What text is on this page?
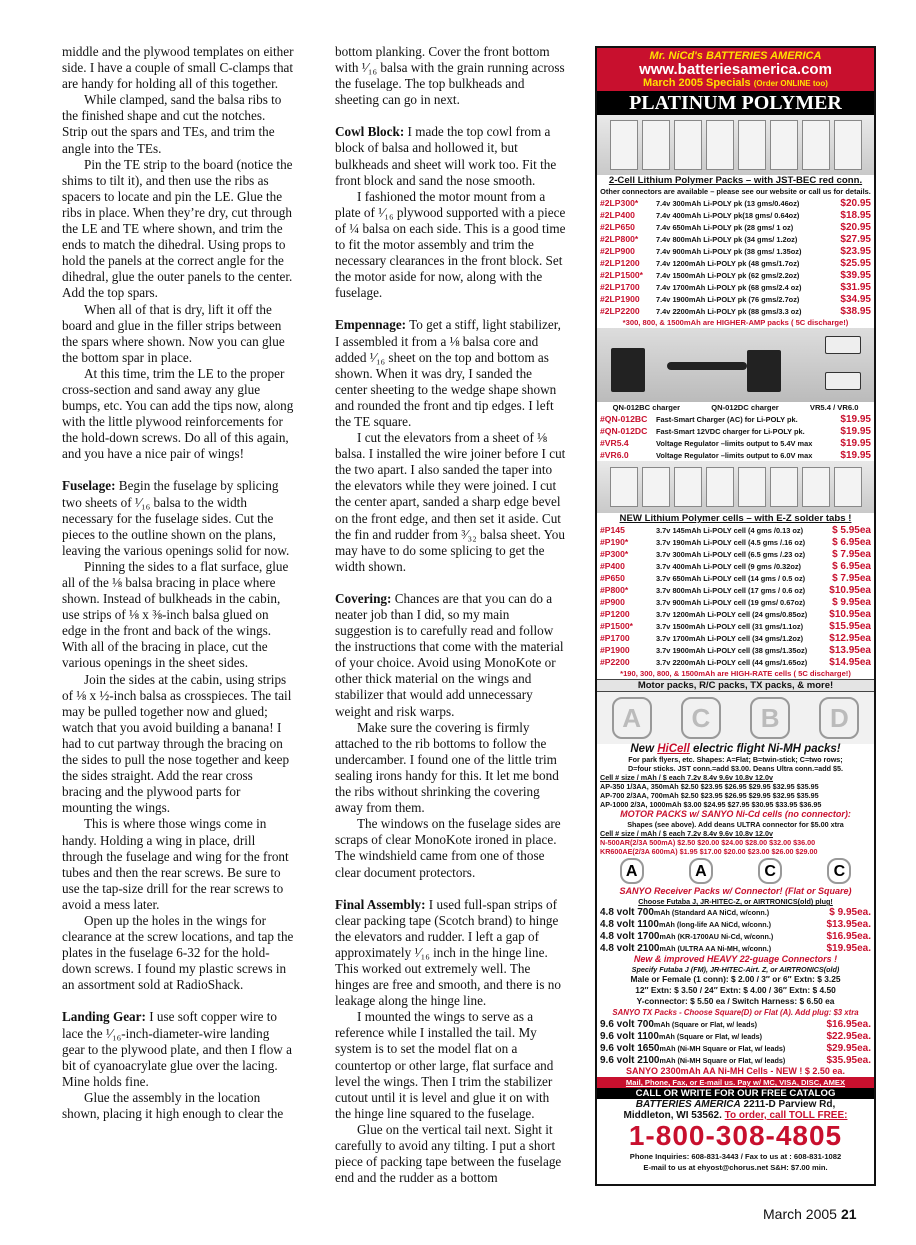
middle and the plywood templates on either side. I have a couple of small C-clamps that are handy for holding all of this together.

While clamped, sand the balsa ribs to the finished shape and cut the notches. Strip out the spars and TEs, and trim the angle into the TEs.

Pin the TE strip to the board (notice the shims to tilt it), and then use the ribs as spacers to locate and pin the LE. Glue the ribs in place. When they’re dry, cut through the LE and TE where shown, and trim the ends to match the dihedral. Using props to hold the panels at the correct angle for the dihedral, glue the outer panels to the center. Add the top spars.

When all of that is dry, lift it off the board and glue in the filler strips between the spars where shown. Now you can glue the bottom spar in place.

At this time, trim the LE to the proper cross-section and sand away any glue bumps, etc. You can add the tips now, along with the little plywood reinforcements for the hold-down screws. Do all of this again, and you have a nice pair of wings!

Fuselage: Begin the fuselage by splicing two sheets of ¹⁄₁₆ balsa to the width necessary for the fuselage sides. Cut the pieces to the outline shown on the plans, leaving the various openings solid for now.

Pinning the sides to a flat surface, glue all of the ⅛ balsa bracing in place where shown. Instead of bulkheads in the cabin, use strips of ⅛ x ⅜-inch balsa glued on edge in the front and back of the wings. With all of the bracing in place, cut the various openings in the sheet sides.

Join the sides at the cabin, using strips of ⅛ x ½-inch balsa as crosspieces. The tail may be pulled together now and glued; watch that you avoid building a banana! I had to cut partway through the bracing on the sides to pull the nose together and keep the sides straight. Add the rear cross bracing and the plywood parts for mounting the wings.

This is where those wings come in handy. Holding a wing in place, drill through the fuselage and wing for the front tubes and then the rear screws. Be sure to use the tap-size drill for the rear screws to avoid a mess later.

Open up the holes in the wings for clearance at the screw locations, and tap the plates in the fuselage 6-32 for the hold-down screws. I found my plastic screws in an assortment sold at RadioShack.

Landing Gear: I use soft copper wire to lace the ¹⁄₁₆-inch-diameter-wire landing gear to the plywood plate, and then I flow a bit of cyanoacrylate glue over the lacing. Mine holds fine.

Glue the assembly in the location shown, placing it high enough to clear the

bottom planking. Cover the front bottom with ¹⁄₁₆ balsa with the grain running across the fuselage. The top bulkheads and sheeting can go in next.

Cowl Block: I made the top cowl from a block of balsa and hollowed it, but bulkheads and sheet will work too. Fit the front block and sand the nose smooth.

I fashioned the motor mount from a plate of ¹⁄₁₆ plywood supported with a piece of ¼ balsa on each side. This is a good time to fit the motor assembly and trim the necessary clearances in the front block. Set the motor aside for now, along with the fuselage.

Empennage: To get a stiff, light stabilizer, I assembled it from a ⅛ balsa core and added ¹⁄₁₆ sheet on the top and bottom as shown. When it was dry, I sanded the center sheeting to the wedge shape shown and rounded the front and tip edges. I left the TE square.

I cut the elevators from a sheet of ⅛ balsa. I installed the wire joiner before I cut the two apart. I also sanded the taper into the elevators while they were joined. I cut the center apart, sanded a sharp edge bevel on the front edge, and then set it aside. Cut the fin and rudder from ³⁄₃₂ balsa sheet. You may have to do some splicing to get the width shown.

Covering: Chances are that you can do a neater job than I did, so my main suggestion is to carefully read and follow the instructions that come with the material of your choice. Avoid using MonoKote or other thick material on the wings and stabilizer that would add unnecessary weight and risk warps.

Make sure the covering is firmly attached to the rib bottoms to follow the undercamber. I found one of the little trim sealing irons handy for this. It let me bond the ribs without shrinking the covering away from them.

The windows on the fuselage sides are scraps of clear MonoKote ironed in place. The windshield came from one of those clear document protectors.

Final Assembly: I used full-span strips of clear packing tape (Scotch brand) to hinge the elevators and rudder. I left a gap of approximately ¹⁄₁₆ inch in the hinge line. This worked out extremely well. The hinges are free and smooth, and there is no leakage along the hinge line.

I mounted the wings to serve as a reference while I installed the tail. My system is to set the model flat on a countertop or other large, flat surface and level the wings. Then I trim the stabilizer cutout until it is level and glue it on with the hinge line squared to the fuselage.

Glue on the vertical tail next. Sight it carefully to avoid any tilting. I put a short piece of packing tape between the fuselage end and the rudder as a bottom

Mr. NiCd's BATTERIES AMERICA
www.batteriesamerica.com
March 2005 Specials (Order ONLINE too)
PLATINUM POLYMER
2-Cell Lithium Polymer Packs – with JST-BEC red conn.
Other connectors are available – please see our website or call us for details.
#2LP300*	7.4v 300mAh Li-POLY pk (13 gms/0.46oz)	$20.95
#2LP400	7.4v 400mAh Li-POLY pk(18 gms/ 0.64oz)	$18.95
#2LP650	7.4v 650mAh Li-POLY pk (28 gms/ 1 oz)	$20.95
#2LP800*	7.4v 800mAh Li-POLY pk (34 gms/ 1.2oz)	$27.95
#2LP900	7.4v 900mAh Li-POLY pk (38 gms/ 1.35oz)	$23.95
#2LP1200	7.4v 1200mAh Li-POLY pk (48 gms/1.7oz)	$25.95
#2LP1500*	7.4v 1500mAh Li-POLY pk (62 gms/2.2oz)	$39.95
#2LP1700	7.4v 1700mAh Li-POLY pk (68 gms/2.4 oz)	$31.95
#2LP1900	7.4v 1900mAh Li-POLY pk (76 gms/2.7oz)	$34.95
#2LP2200	7.4v 2200mAh Li-POLY pk (88 gms/3.3 oz)	$38.95
*300, 800, & 1500mAh are HIGHER-AMP packs ( 5C discharge!)
QN-012BC charger	QN-012DC charger	VR5.4 / VR6.0
#QN-012BC	Fast-Smart Charger (AC) for Li-POLY pk.	$19.95
#QN-012DC	Fast-Smart 12VDC charger for Li-POLY pk.	$19.95
#VR5.4	Voltage Regulator –limits output to 5.4V max	$19.95
#VR6.0	Voltage Regulator –limits output to 6.0V max	$19.95
NEW Lithium Polymer cells – with E-Z solder tabs !
#P145	3.7v 145mAh Li-POLY cell (4 gms /0.13 oz)	$ 5.95ea
#P190*	3.7v 190mAh Li-POLY cell (4.5 gms /.16 oz)	$ 6.95ea
#P300*	3.7v 300mAh Li-POLY cell (6.5 gms /.23 oz)	$ 7.95ea
#P400	3.7v 400mAh Li-POLY cell (9 gms /0.32oz)	$ 6.95ea
#P650	3.7v 650mAh Li-POLY cell (14 gms / 0.5 oz)	$ 7.95ea
#P800*	3.7v 800mAh Li-POLY cell (17 gms / 0.6 oz)	$10.95ea
#P900	3.7v 900mAh Li-POLY cell (19 gms/ 0.67oz)	$ 9.95ea
#P1200	3.7v 1200mAh Li-POLY cell (24 gms/0.85oz)	$10.95ea
#P1500*	3.7v 1500mAh Li-POLY cell (31 gms/1.1oz)	$15.95ea
#P1700	3.7v 1700mAh Li-POLY cell (34 gms/1.2oz)	$12.95ea
#P1900	3.7v 1900mAh Li-POLY cell (38 gms/1.35oz)	$13.95ea
#P2200	3.7v 2200mAh Li-POLY cell (44 gms/1.65oz)	$14.95ea
*190, 300, 800, & 1500mAh are HIGH-RATE cells ( 5C discharge!)
Motor packs, R/C packs, TX packs, & more!
A	C	B	D
New HiCell electric flight Ni-MH packs!
For park flyers, etc. Shapes: A=Flat; B=twin-stick; C=two rows;
D=four sticks. JST conn.=add $3.00. Deans Ultra conn.=add $5.
Cell # size / mAh / $ each 7.2v 8.4v 9.6v 10.8v 12.0v
AP-350 1/3AA, 350mAh $2.50 $23.95 $26.95 $29.95 $32.95 $35.95
AP-700 2/3AA, 700mAh $2.50 $23.95 $26.95 $29.95 $32.95 $35.95
AP-1000 2/3A, 1000mAh $3.00 $24.95 $27.95 $30.95 $33.95 $36.95
MOTOR PACKS w/ SANYO Ni-Cd cells (no connector):
Shapes (see above). Add deans ULTRA connector for $5.00 xtra
Cell # size / mAh / $ each 7.2v 8.4v 9.6v 10.8v 12.0v
N-500AR(2/3A 500mA) $2.50 $20.00 $24.00 $28.00 $32.00 $36.00
KR600AE(2/3A 600mA) $1.95 $17.00 $20.00 $23.00 $26.00 $29.00
A	A	C	C
SANYO Receiver Packs w/ Connector! (Flat or Square)
Choose Futaba J, JR-HITEC-Z, or AIRTRONICS(old) plug!
4.8 volt 700 mAh (Standard AA NiCd, w/conn.)	$ 9.95ea.
4.8 volt 1100 mAh (long-life AA NiCd, w/conn.)	$13.95ea.
4.8 volt 1700 mAh (KR-1700AU Ni-Cd, w/conn.)	$16.95ea.
4.8 volt 2100 mAh (ULTRA AA Ni-MH, w/conn.)	$19.95ea.
New & improved HEAVY 22-guage Connectors !
Specify Futaba J (FM), JR-HITEC-Airt. Z, or AIRTRONICS(old)
Male or Female (1 conn): $ 2.00 / 3″ or 6″ Extn: $ 3.25
12″ Extn: $ 3.50 / 24″ Extn: $ 4.00 / 36″ Extn: $ 4.50
Y-connector: $ 5.50 ea / Switch Harness: $ 6.50 ea
SANYO TX Packs - Choose Square(D) or Flat (A). Add plug: $3 xtra
9.6 volt 700 mAh (Square or Flat, w/ leads)	$16.95ea.
9.6 volt 1100 mAh (Square or Flat, w/ leads)	$22.95ea.
9.6 volt 1650 mAh (Ni-MH Square or Flat, w/ leads)	$29.95ea.
9.6 volt 2100 mAh (Ni-MH Square or Flat, w/ leads)	$35.95ea.
SANYO 2300mAh AA Ni-MH Cells - NEW ! $ 2.50 ea.
Mail, Phone, Fax, or E-mail us. Pay w/ MC, VISA, DISC, AMEX
CALL OR WRITE FOR OUR FREE CATALOG
BATTERIES AMERICA 2211-D Parview Rd,
Middleton, WI 53562. To order, call TOLL FREE:
1-800-308-4805
Phone Inquiries: 608-831-3443 / Fax to us at : 608-831-1082
E-mail to us at ehyost@chorus.net S&H: $7.00 min.
March 2005 21
